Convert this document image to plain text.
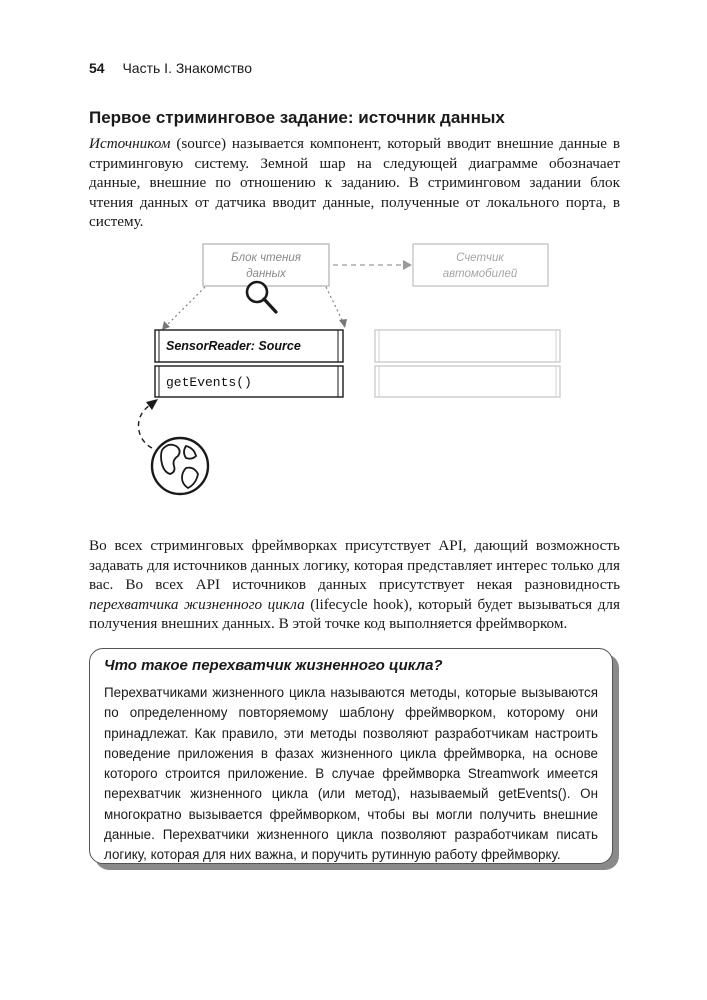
54 Часть I. Знакомство
Первое стриминговое задание: источник данных
Источником (source) называется компонент, который вводит внешние данные в стриминговую систему. Земной шар на следующей диаграмме обозначает данные, внешние по отношению к заданию. В стриминговом задании блок чтения данных от датчика вводит данные, полученные от локального порта, в систему.
Блок чтения
данных
Счетчик
автомобилей
SensorReader: Source
getEvents()
Во всех стриминговых фреймворках присутствует API, дающий возможность задавать для источников данных логику, которая представляет интерес только для вас. Во всех API источников данных присутствует некая разновидность перехватчика жизненного цикла (lifecycle hook), который будет вызываться для получения внешних данных. В этой точке код выполняется фреймворком.
Что такое перехватчик жизненного цикла?
Перехватчиками жизненного цикла называются методы, которые вызываются по определенному повторяемому шаблону фреймворком, которому они принадлежат. Как правило, эти методы позволяют разработчикам настроить поведение приложения в фазах жизненного цикла фреймворка, на основе которого строится приложение. В случае фреймворка Streamwork имеется перехватчик жизненного цикла (или метод), называемый getEvents(). Он многократно вызывается фреймворком, чтобы вы могли получить внешние данные. Перехватчики жизненного цикла позволяют разработчикам писать логику, которая для них важна, и поручить рутинную работу фреймворку.
